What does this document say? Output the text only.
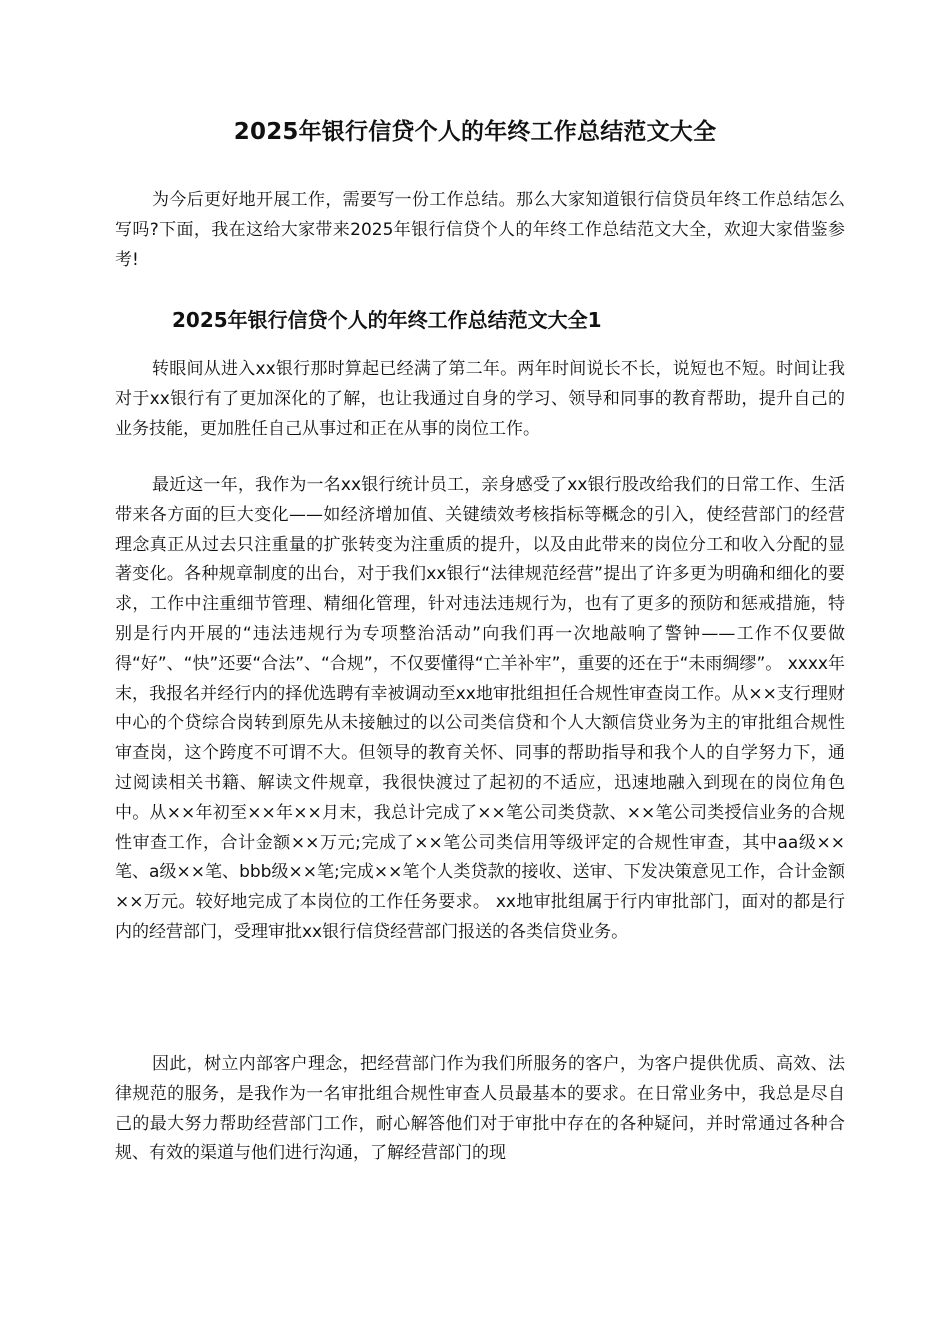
2025年银行信贷个人的年终工作总结范文大全

为今后更好地开展工作，需要写一份工作总结。那么大家知道银行信贷员年终工作总结怎么写吗?下面，我在这给大家带来2025年银行信贷个人的年终工作总结范文大全，欢迎大家借鉴参考!

2025年银行信贷个人的年终工作总结范文大全1

转眼间从进入xx银行那时算起已经满了第二年。两年时间说长不长，说短也不短。时间让我对于xx银行有了更加深化的了解，也让我通过自身的学习、领导和同事的教育帮助，提升自己的业务技能，更加胜任自己从事过和正在从事的岗位工作。

最近这一年，我作为一名xx银行统计员工，亲身感受了xx银行股改给我们的日常工作、生活带来各方面的巨大变化——如经济增加值、关键绩效考核指标等概念的引入，使经营部门的经营理念真正从过去只注重量的扩张转变为注重质的提升，以及由此带来的岗位分工和收入分配的显著变化。各种规章制度的出台，对于我们xx银行“法律规范经营”提出了许多更为明确和细化的要求，工作中注重细节管理、精细化管理，针对违法违规行为，也有了更多的预防和惩戒措施，特别是行内开展的“违法违规行为专项整治活动”向我们再一次地敲响了警钟——工作不仅要做得“好”、“快”还要“合法”、“合规”，不仅要懂得“亡羊补牢”，重要的还在于“未雨绸缪”。 xxxx年末，我报名并经行内的择优选聘有幸被调动至xx地审批组担任合规性审查岗工作。从××支行理财中心的个贷综合岗转到原先从未接触过的以公司类信贷和个人大额信贷业务为主的审批组合规性审查岗，这个跨度不可谓不大。但领导的教育关怀、同事的帮助指导和我个人的自学努力下，通过阅读相关书籍、解读文件规章，我很快渡过了起初的不适应，迅速地融入到现在的岗位角色中。从××年初至××年××月末，我总计完成了××笔公司类贷款、××笔公司类授信业务的合规性审查工作，合计金额××万元;完成了××笔公司类信用等级评定的合规性审查，其中aa级××笔、a级××笔、bbb级××笔;完成××笔个人类贷款的接收、送审、下发决策意见工作，合计金额××万元。较好地完成了本岗位的工作任务要求。 xx地审批组属于行内审批部门，面对的都是行内的经营部门，受理审批xx银行信贷经营部门报送的各类信贷业务。

因此，树立内部客户理念，把经营部门作为我们所服务的客户，为客户提供优质、高效、法律规范的服务，是我作为一名审批组合规性审查人员最基本的要求。在日常业务中，我总是尽自己的最大努力帮助经营部门工作，耐心解答他们对于审批中存在的各种疑问，并时常通过各种合规、有效的渠道与他们进行沟通，了解经营部门的现
